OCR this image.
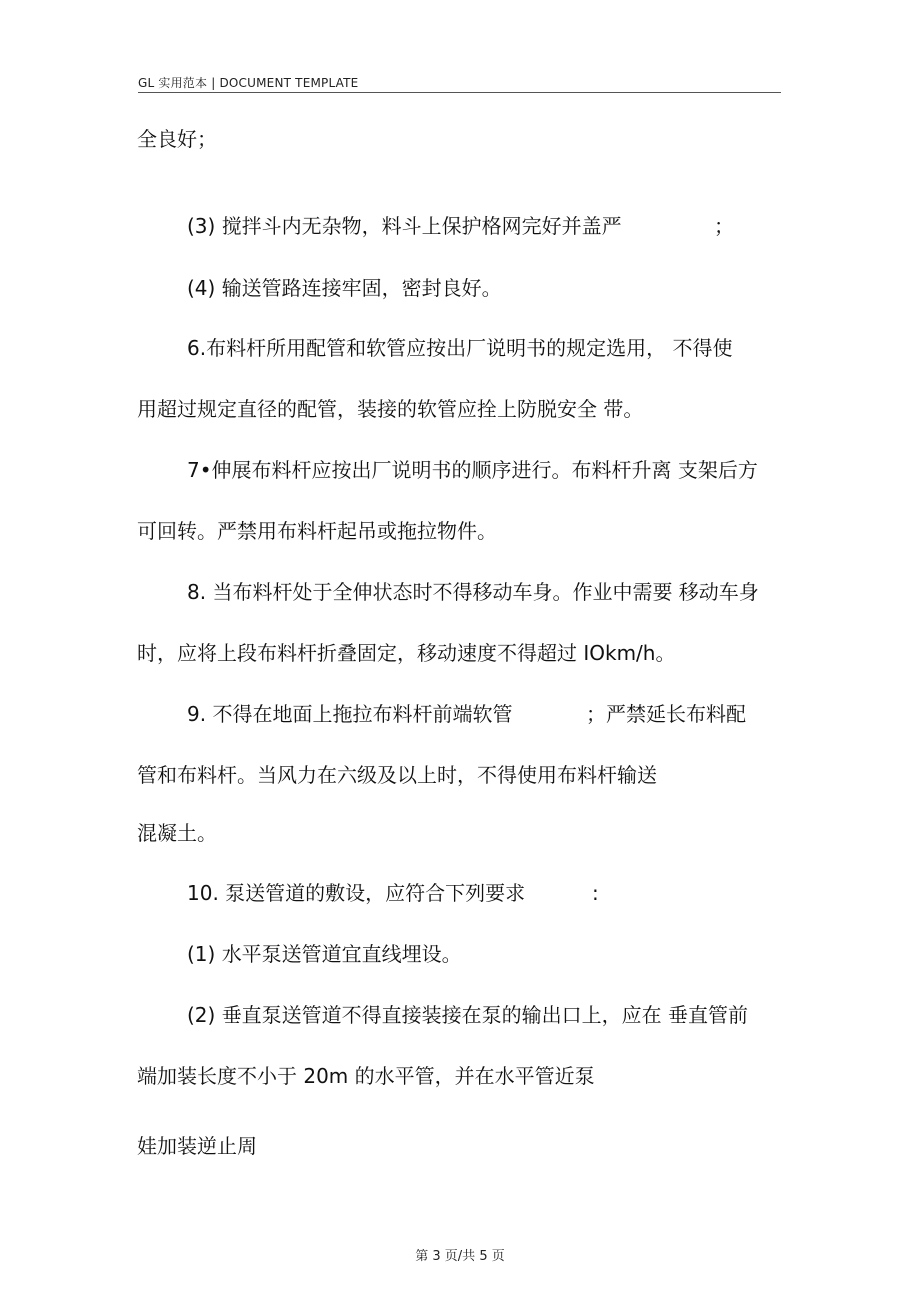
GL 实用范本 | DOCUMENT TEMPLATE
全良好；
(3) 搅拌斗内无杂物，料斗上保护格网完好并盖严	；
(4) 输送管路连接牢固，密封良好。
6.布料杆所用配管和软管应按出厂说明书的规定选用， 不得使
用超过规定直径的配管，装接的软管应拴上防脱安全 带。
7•伸展布料杆应按出厂说明书的顺序进行。布料杆升离 支架后方
可回转。严禁用布料杆起吊或拖拉物件。
8. 当布料杆处于全伸状态时不得移动车身。作业中需要 移动车身
时，应将上段布料杆折叠固定，移动速度不得超过 IOkm/h。
9. 不得在地面上拖拉布料杆前端软管	；严禁延长布料配
管和布料杆。当风力在六级及以上时，不得使用布料杆输送
混凝土。
10. 泵送管道的敷设，应符合下列要求	:
(1) 水平泵送管道宜直线埋设。
(2) 垂直泵送管道不得直接装接在泵的输出口上，应在 垂直管前
端加装长度不小于 20m 的水平管，并在水平管近泵
娃加装逆止周
第 3 页/共 5 页
